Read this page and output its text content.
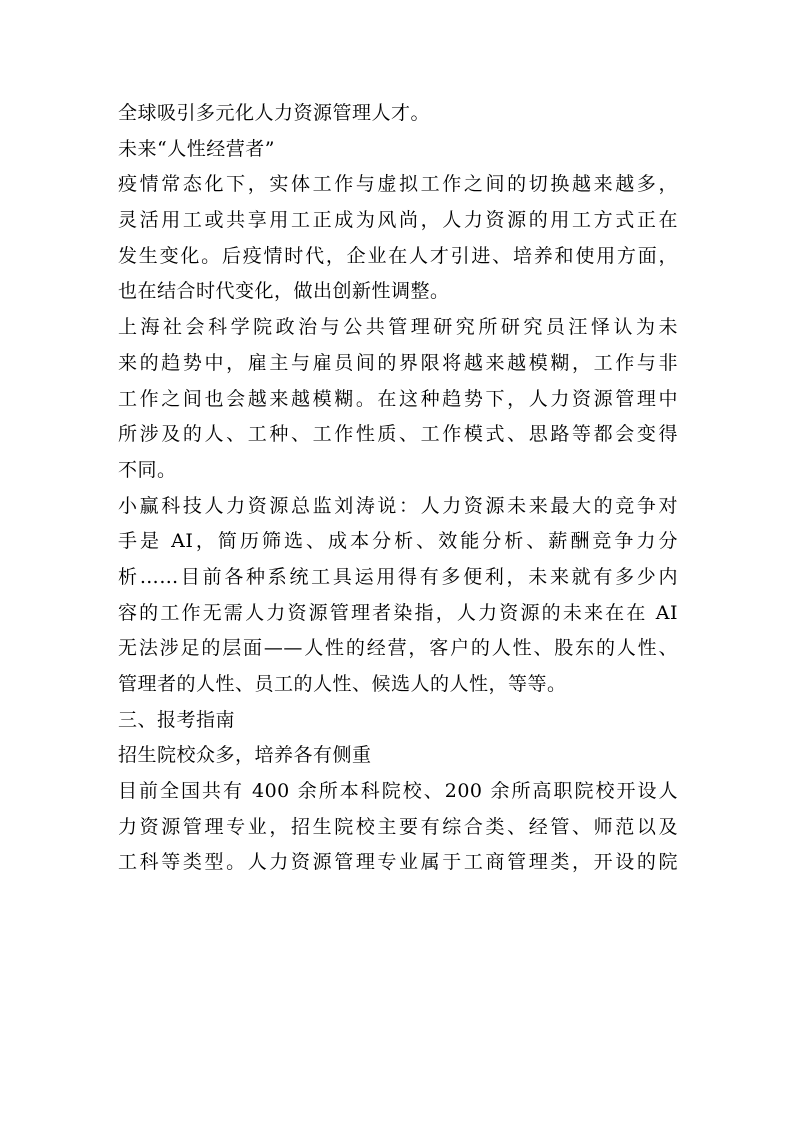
全球吸引多元化人力资源管理人才。
未来“人性经营者”
疫情常态化下，实体工作与虚拟工作之间的切换越来越多，
灵活用工或共享用工正成为风尚，人力资源的用工方式正在
发生变化。后疫情时代，企业在人才引进、培养和使用方面，
也在结合时代变化，做出创新性调整。
上海社会科学院政治与公共管理研究所研究员汪怿认为未
来的趋势中，雇主与雇员间的界限将越来越模糊，工作与非
工作之间也会越来越模糊。在这种趋势下，人力资源管理中
所涉及的人、工种、工作性质、工作模式、思路等都会变得
不同。
小赢科技人力资源总监刘涛说：人力资源未来最大的竞争对
手是 AI，简历筛选、成本分析、效能分析、薪酬竞争力分
析……目前各种系统工具运用得有多便利，未来就有多少内
容的工作无需人力资源管理者染指，人力资源的未来在在 AI
无法涉足的层面——人性的经营，客户的人性、股东的人性、
管理者的人性、员工的人性、候选人的人性，等等。
三、报考指南
招生院校众多，培养各有侧重
目前全国共有 400 余所本科院校、200 余所高职院校开设人
力资源管理专业，招生院校主要有综合类、经管、师范以及
工科等类型。人力资源管理专业属于工商管理类，开设的院
